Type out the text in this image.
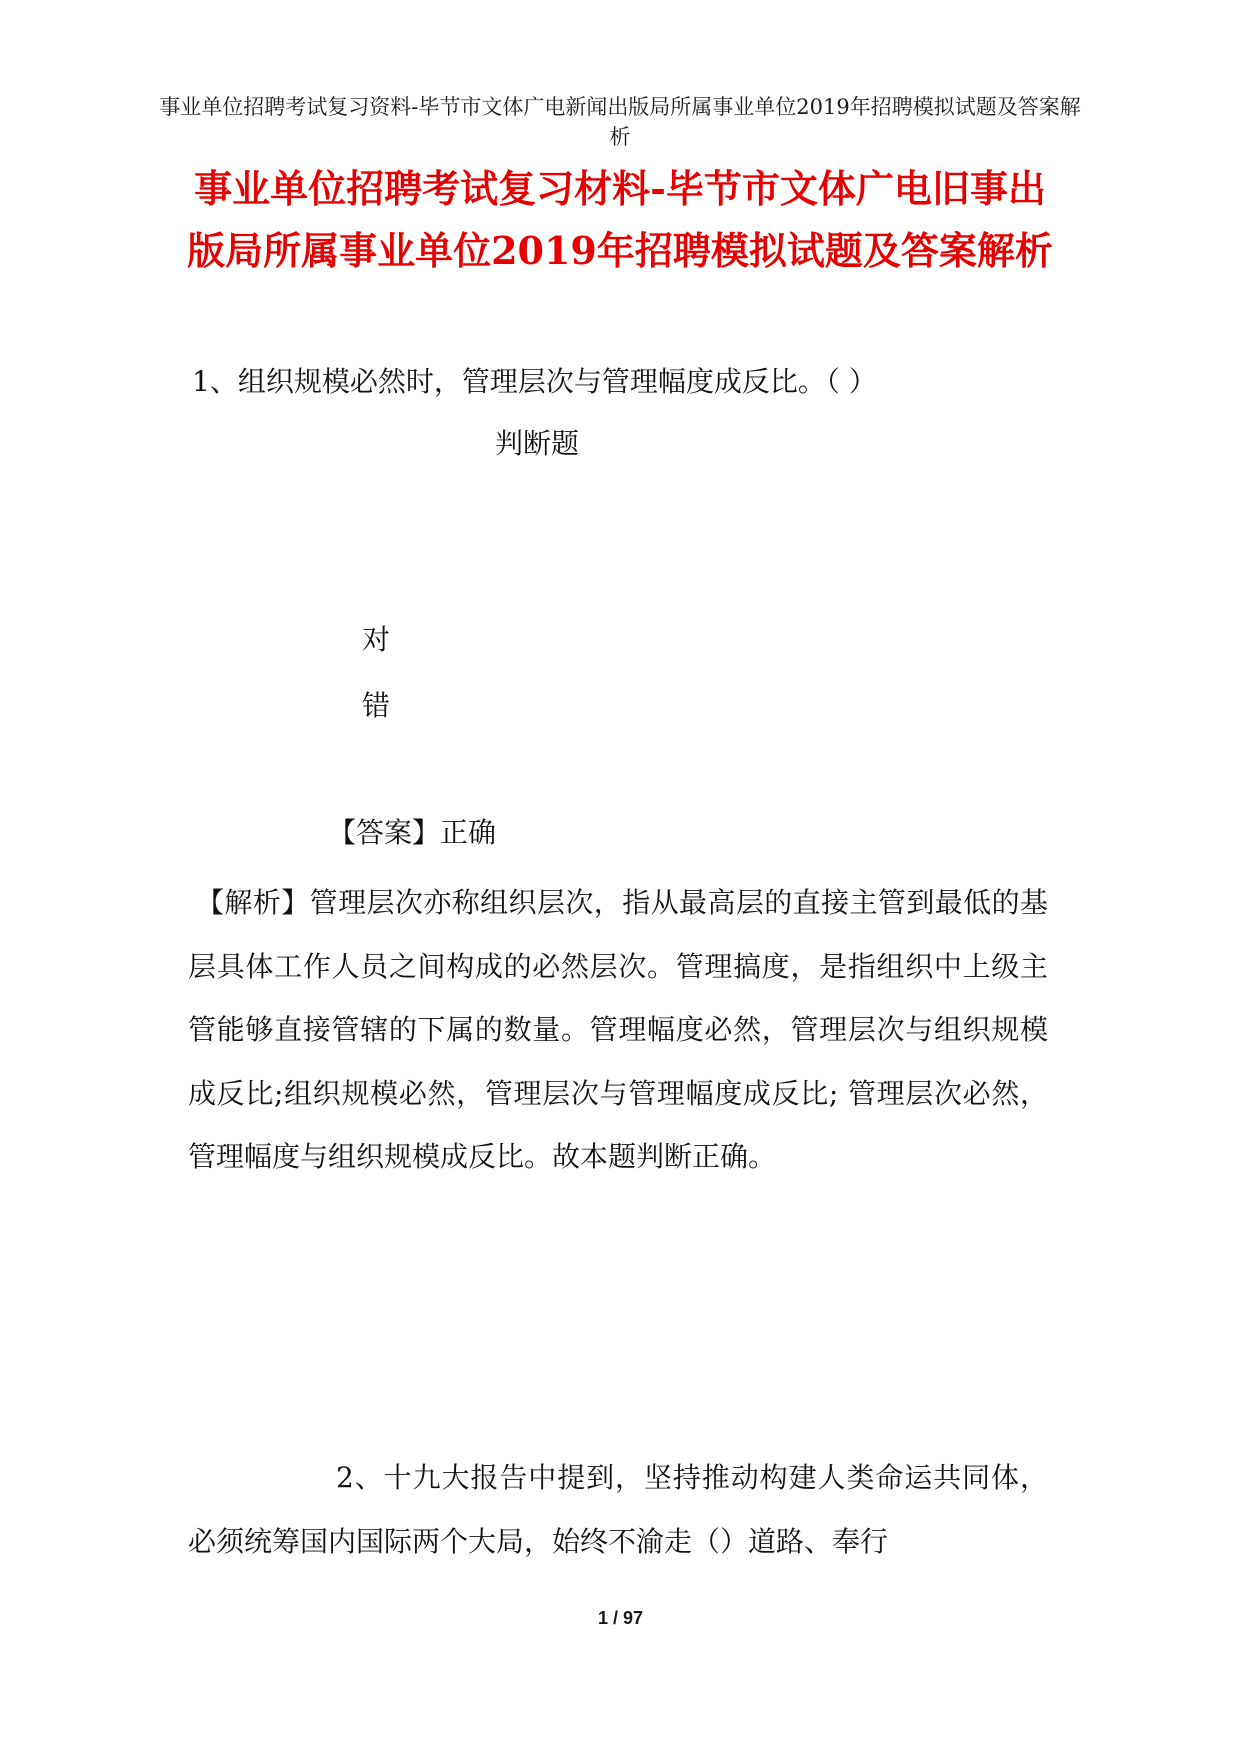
事业单位招聘考试复习资料-毕节市文体广电新闻出版局所属事业单位2019年招聘模拟试题及答案解析
事业单位招聘考试复习材料-毕节市文体广电旧事出版局所属事业单位2019年招聘模拟试题及答案解析
1、组织规模必然时，管理层次与管理幅度成反比。（ ）
判断题
对
错
【答案】正确
【解析】管理层次亦称组织层次，指从最高层的直接主管到最低的基层具体工作人员之间构成的必然层次。管理搞度，是指组织中上级主管能够直接管辖的下属的数量。管理幅度必然，管理层次与组织规模成反比;组织规模必然，管理层次与管理幅度成反比; 管理层次必然，管理幅度与组织规模成反比。故本题判断正确。
2、十九大报告中提到，坚持推动构建人类命运共同体，必须统筹国内国际两个大局，始终不渝走（）道路、奉行
1 / 97
